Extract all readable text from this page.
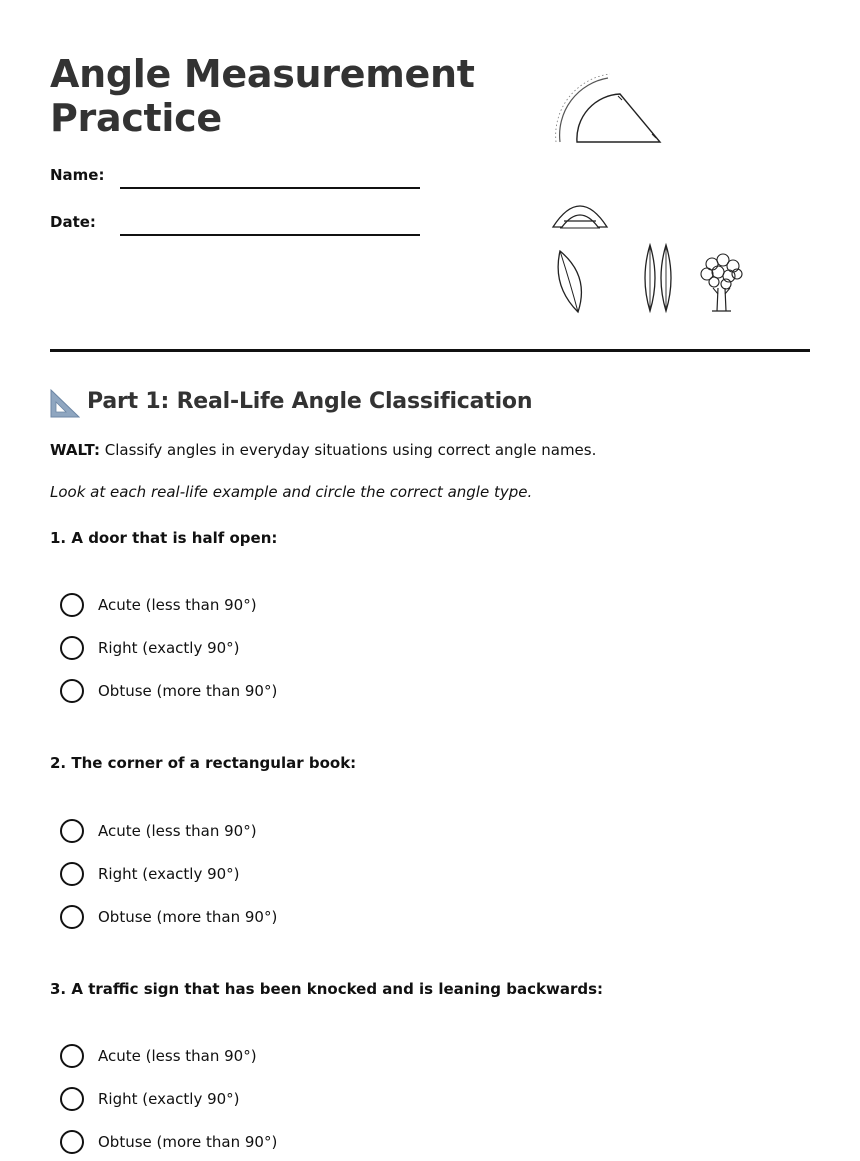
Angle Measurement Practice
Name:
Date:
Part 1: Real-Life Angle Classification

WALT: Classify angles in everyday situations using correct angle names.

Look at each real-life example and circle the correct angle type.

1. A door that is half open:

Acute (less than 90°)
Right (exactly 90°)
Obtuse (more than 90°)

2. The corner of a rectangular book:

Acute (less than 90°)
Right (exactly 90°)
Obtuse (more than 90°)

3. A traffic sign that has been knocked and is leaning backwards:

Acute (less than 90°)
Right (exactly 90°)
Obtuse (more than 90°)
